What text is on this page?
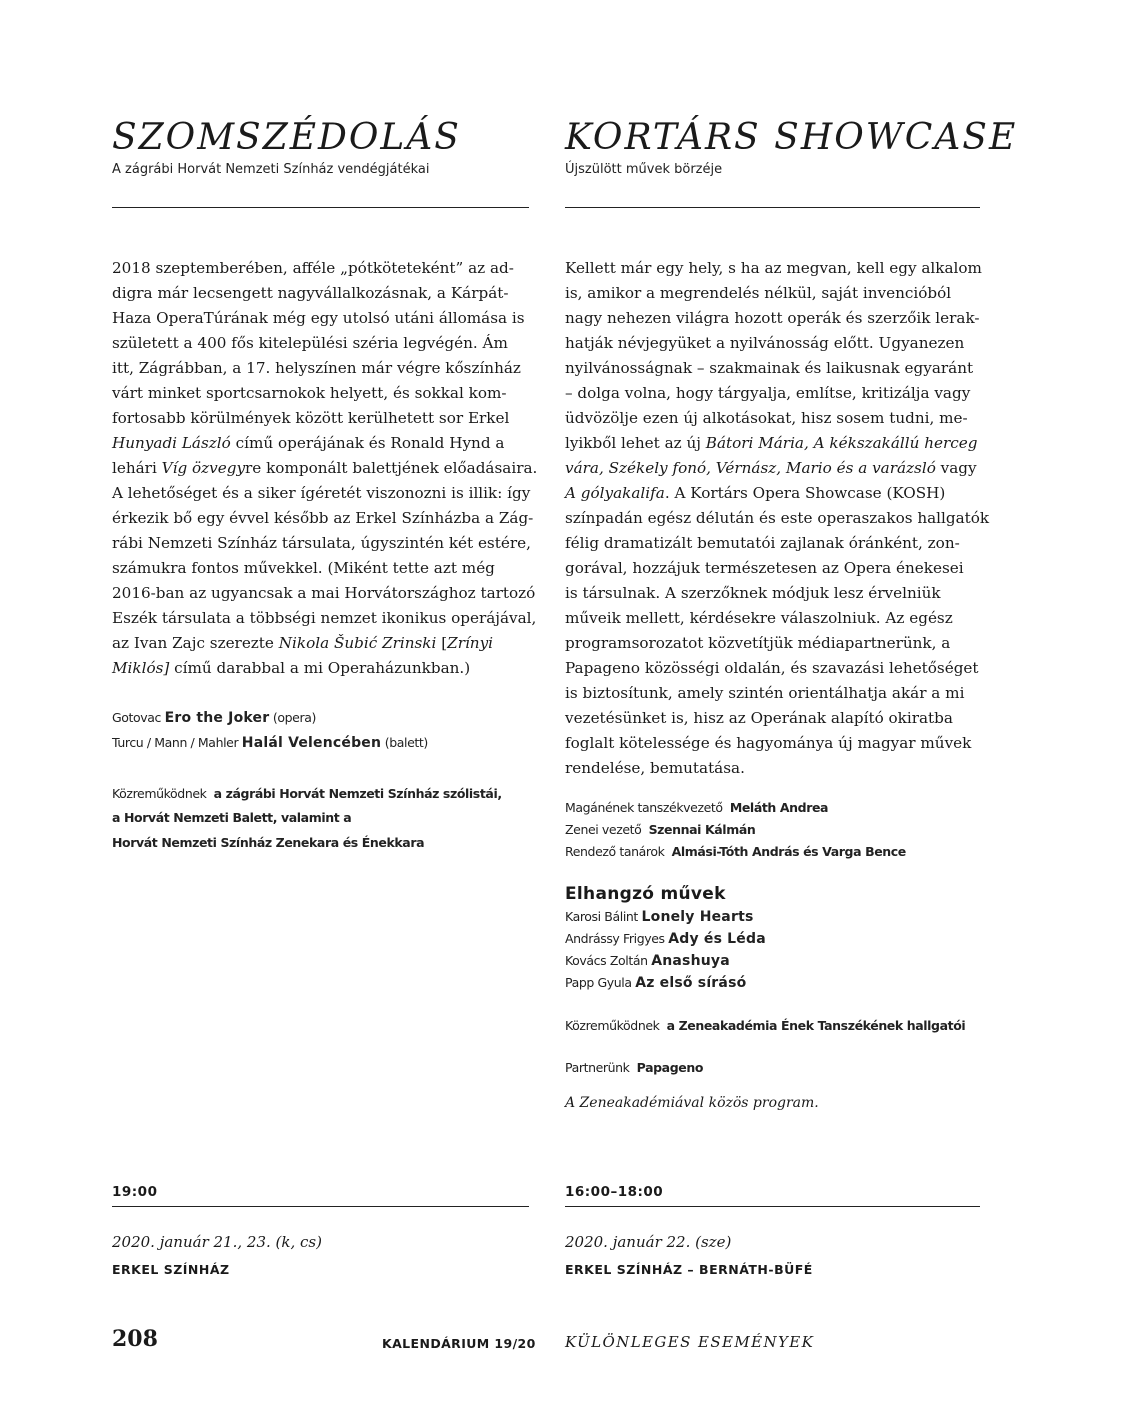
SZOMSZÉDOLÁS
A zágrábi Horvát Nemzeti Színház vendégjátékai
2018 szeptemberében, afféle „pótköteteként” az ad-
digra már lecsengett nagyvállalkozásnak, a Kárpát-
Haza OperaTúrának még egy utolsó utáni állomása is
született a 400 fős kitelepülési széria legvégén. Ám
itt, Zágrábban, a 17. helyszínen már végre kőszínház
várt minket sportcsarnokok helyett, és sokkal kom-
fortosabb körülmények között kerülhetett sor Erkel
Hunyadi László című operájának és Ronald Hynd a
lehári Víg özvegyre komponált balettjének előadásaira.
A lehetőséget és a siker ígéretét viszonozni is illik: így
érkezik bő egy évvel később az Erkel Színházba a Zág-
rábi Nemzeti Színház társulata, úgyszintén két estére,
számukra fontos művekkel. (Miként tette azt még
2016-ban az ugyancsak a mai Horvátországhoz tartozó
Eszék társulata a többségi nemzet ikonikus operájával,
az Ivan Zajc szerezte Nikola Šubić Zrinski [Zrínyi
Miklós] című darabbal a mi Operaházunkban.)
Gotovac Ero the Joker (opera)
Turcu / Mann / Mahler Halál Velencében (balett)
Közreműködnek a zágrábi Horvát Nemzeti Színház szólistái,
a Horvát Nemzeti Balett, valamint a
Horvát Nemzeti Színház Zenekara és Énekkara
19:00
2020. január 21., 23. (k, cs)
ERKEL SZÍNHÁZ
KORTÁRS SHOWCASE
Újszülött művek börzéje
Kellett már egy hely, s ha az megvan, kell egy alkalom
is, amikor a megrendelés nélkül, saját invencióból
nagy nehezen világra hozott operák és szerzőik lerak-
hatják névjegyüket a nyilvánosság előtt. Ugyanezen
nyilvánosságnak – szakmainak és laikusnak egyaránt
– dolga volna, hogy tárgyalja, említse, kritizálja vagy
üdvözölje ezen új alkotásokat, hisz sosem tudni, me-
lyikből lehet az új Bátori Mária, A kékszakállú herceg
vára, Székely fonó, Vérnász, Mario és a varázsló vagy
A gólyakalifa. A Kortárs Opera Showcase (KOSH)
színpadán egész délután és este operaszakos hallgatók
félig dramatizált bemutatói zajlanak óránként, zon-
gorával, hozzájuk természetesen az Opera énekesei
is társulnak. A szerzőknek módjuk lesz érvelniük
műveik mellett, kérdésekre válaszolniuk. Az egész
programsorozatot közvetítjük médiapartnerünk, a
Papageno közösségi oldalán, és szavazási lehetőséget
is biztosítunk, amely szintén orientálhatja akár a mi
vezetésünket is, hisz az Operának alapító okiratba
foglalt kötelessége és hagyománya új magyar művek
rendelése, bemutatása.
Magánének tanszékvezető Meláth Andrea
Zenei vezető Szennai Kálmán
Rendező tanárok Almási-Tóth András és Varga Bence
Elhangzó művek
Karosi Bálint Lonely Hearts
Andrássy Frigyes Ady és Léda
Kovács Zoltán Anashuya
Papp Gyula Az első sírásó
Közreműködnek a Zeneakadémia Ének Tanszékének hallgatói
Partnerünk Papageno
A Zeneakadémiával közös program.
16:00–18:00
2020. január 22. (sze)
ERKEL SZÍNHÁZ – BERNÁTH-BÜFÉ
208	KALENDÁRIUM 19/20 KÜLÖNLEGES ESEMÉNYEK
